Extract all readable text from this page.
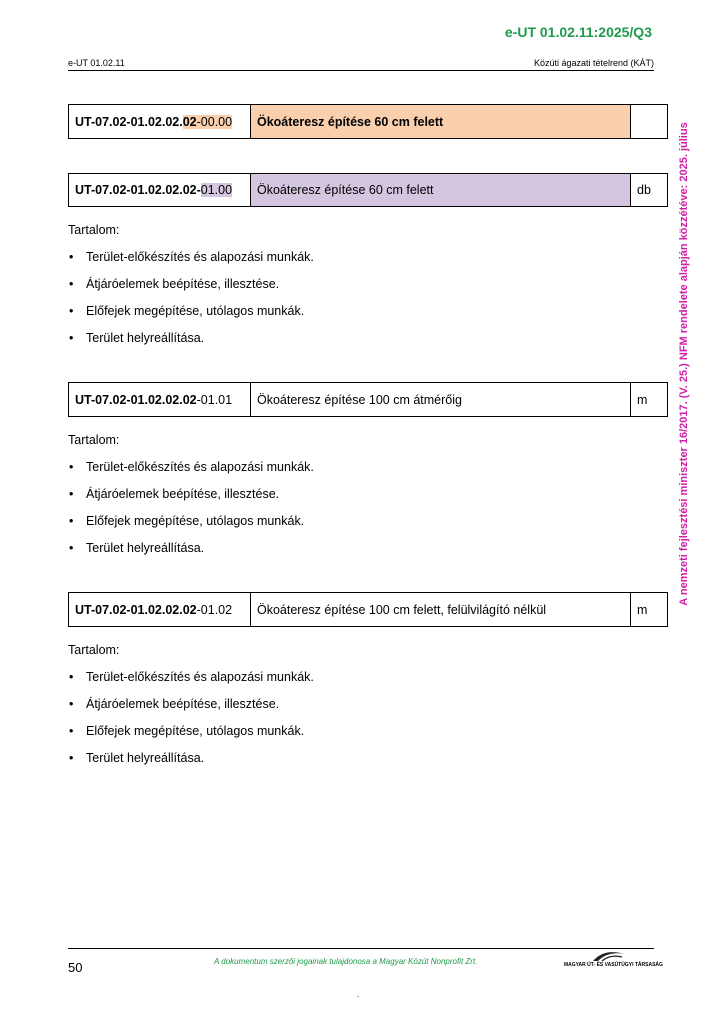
e-UT 01.02.11:2025/Q3
e-UT 01.02.11	Közúti ágazati tételrend (KÁT)
A nemzeti fejlesztési miniszter 16/2017. (V. 25.) NFM rendelete alapján közzétéve: 2025. július
UT-07.02-01.02.02.02 -00.00 Ökoáteresz építése 60 cm felett
UT-07.02-01.02.02.02- 01.00	Ökoáteresz építése 60 cm felett	db
Tartalom:
• Terület-előkészítés és alapozási munkák.
• Átjáróelemek beépítése, illesztése.
• Előfejek megépítése, utólagos munkák.
• Terület helyreállítása.
UT-07.02-01.02.02.02 -01.01	Ökoáteresz építése 100 cm átmérőig	m
Tartalom:
• Terület-előkészítés és alapozási munkák.
• Átjáróelemek beépítése, illesztése.
• Előfejek megépítése, utólagos munkák.
• Terület helyreállítása.
UT-07.02-01.02.02.02 -01.02	Ökoáteresz építése 100 cm felett, felülvilágító nélkül	m
Tartalom:
• Terület-előkészítés és alapozási munkák.
• Átjáróelemek beépítése, illesztése.
• Előfejek megépítése, utólagos munkák.
• Terület helyreállítása.
50	A dokumentum szerzői jogainak tulajdonosa a Magyar Közút Nonprofit Zrt.	MAGYAR ÚT- ÉS VASÚTÜGYI TÁRSASÁG
